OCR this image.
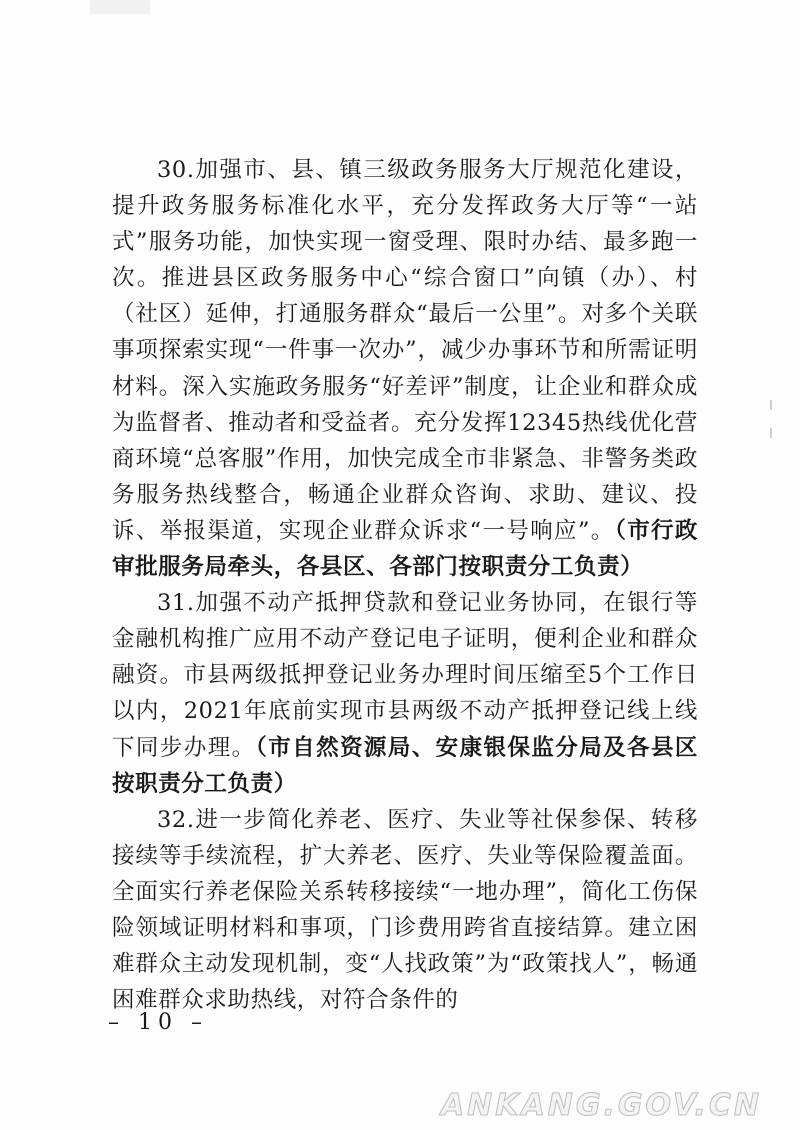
30.加强市、县、镇三级政务服务大厅规范化建设，提升政务服务标准化水平，充分发挥政务大厅等“一站式”服务功能，加快实现一窗受理、限时办结、最多跑一次。推进县区政务服务中心“综合窗口”向镇（办）、村（社区）延伸，打通服务群众“最后一公里”。对多个关联事项探索实现“一件事一次办”，减少办事环节和所需证明材料。深入实施政务服务“好差评”制度，让企业和群众成为监督者、推动者和受益者。充分发挥12345热线优化营商环境“总客服”作用，加快完成全市非紧急、非警务类政务服务热线整合，畅通企业群众咨询、求助、建议、投诉、举报渠道，实现企业群众诉求“一号响应”。（市行政审批服务局牵头，各县区、各部门按职责分工负责）

31.加强不动产抵押贷款和登记业务协同，在银行等金融机构推广应用不动产登记电子证明，便利企业和群众融资。市县两级抵押登记业务办理时间压缩至5个工作日以内，2021年底前实现市县两级不动产抵押登记线上线下同步办理。（市自然资源局、安康银保监分局及各县区按职责分工负责）

32.进一步简化养老、医疗、失业等社保参保、转移接续等手续流程，扩大养老、医疗、失业等保险覆盖面。全面实行养老保险关系转移接续“一地办理”，简化工伤保险领域证明材料和事项，门诊费用跨省直接结算。建立困难群众主动发现机制，变“人找政策”为“政策找人”，畅通困难群众求助热线，对符合条件的

– 10 –
ANKANG.GOV.CN
